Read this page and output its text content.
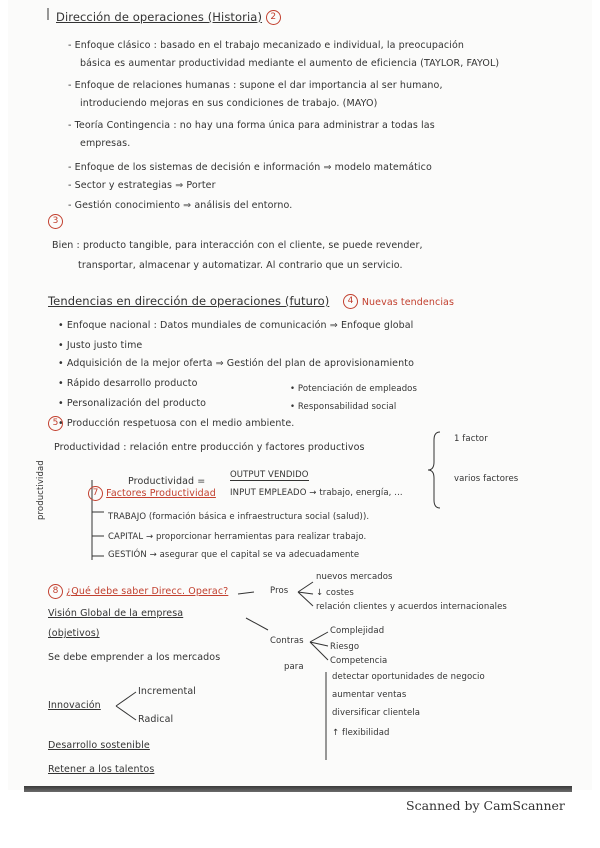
Dirección de operaciones (Historia) 2
- Enfoque clásico : basado en el trabajo mecanizado e individual, la preocupación
básica es aumentar productividad mediante el aumento de eficiencia (TAYLOR, FAYOL)
- Enfoque de relaciones humanas : supone el dar importancia al ser humano,
introduciendo mejoras en sus condiciones de trabajo. (MAYO)
- Teoría Contingencia : no hay una forma única para administrar a todas las
empresas.
- Enfoque de los sistemas de decisión e información ⇒ modelo matemático
- Sector y estrategias ⇒ Porter
- Gestión conocimiento ⇒ análisis del entorno.
3
Bien : producto tangible, para interacción con el cliente, se puede revender,
transportar, almacenar y automatizar. Al contrario que un servicio.
Tendencias en dirección de operaciones (futuro) 4 Nuevas tendencias
• Enfoque nacional : Datos mundiales de comunicación ⇒ Enfoque global
• Justo justo time
• Adquisición de la mejor oferta ⇒ Gestión del plan de aprovisionamiento
• Rápido desarrollo producto	• Potenciación de empleados
• Personalización del producto	• Responsabilidad social
• Producción respetuosa con el medio ambiente.
5
Productividad : relación entre producción y factores productivos
1 factor
varios factores
Productividad =
OUTPUT VENDIDO
INPUT EMPLEADO → trabajo, energía, ...
productividad	7 Factores Productividad
TRABAJO (formación básica e infraestructura social (salud)).
CAPITAL → proporcionar herramientas para realizar trabajo.
GESTIÓN → asegurar que el capital se va adecuadamente
8 ¿Qué debe saber Direcc. Operac?	Pros
nuevos mercados
↓ costes
relación clientes y acuerdos internacionales
Visión Global de la empresa
(objetivos)
Contras
Complejidad
Riesgo
Competencia
Se debe emprender a los mercados
para
detectar oportunidades de negocio
aumentar ventas
diversificar clientela
↑ flexibilidad
Innovación
Incremental
Radical
Desarrollo sostenible
Retener a los talentos
Scanned by CamScanner
